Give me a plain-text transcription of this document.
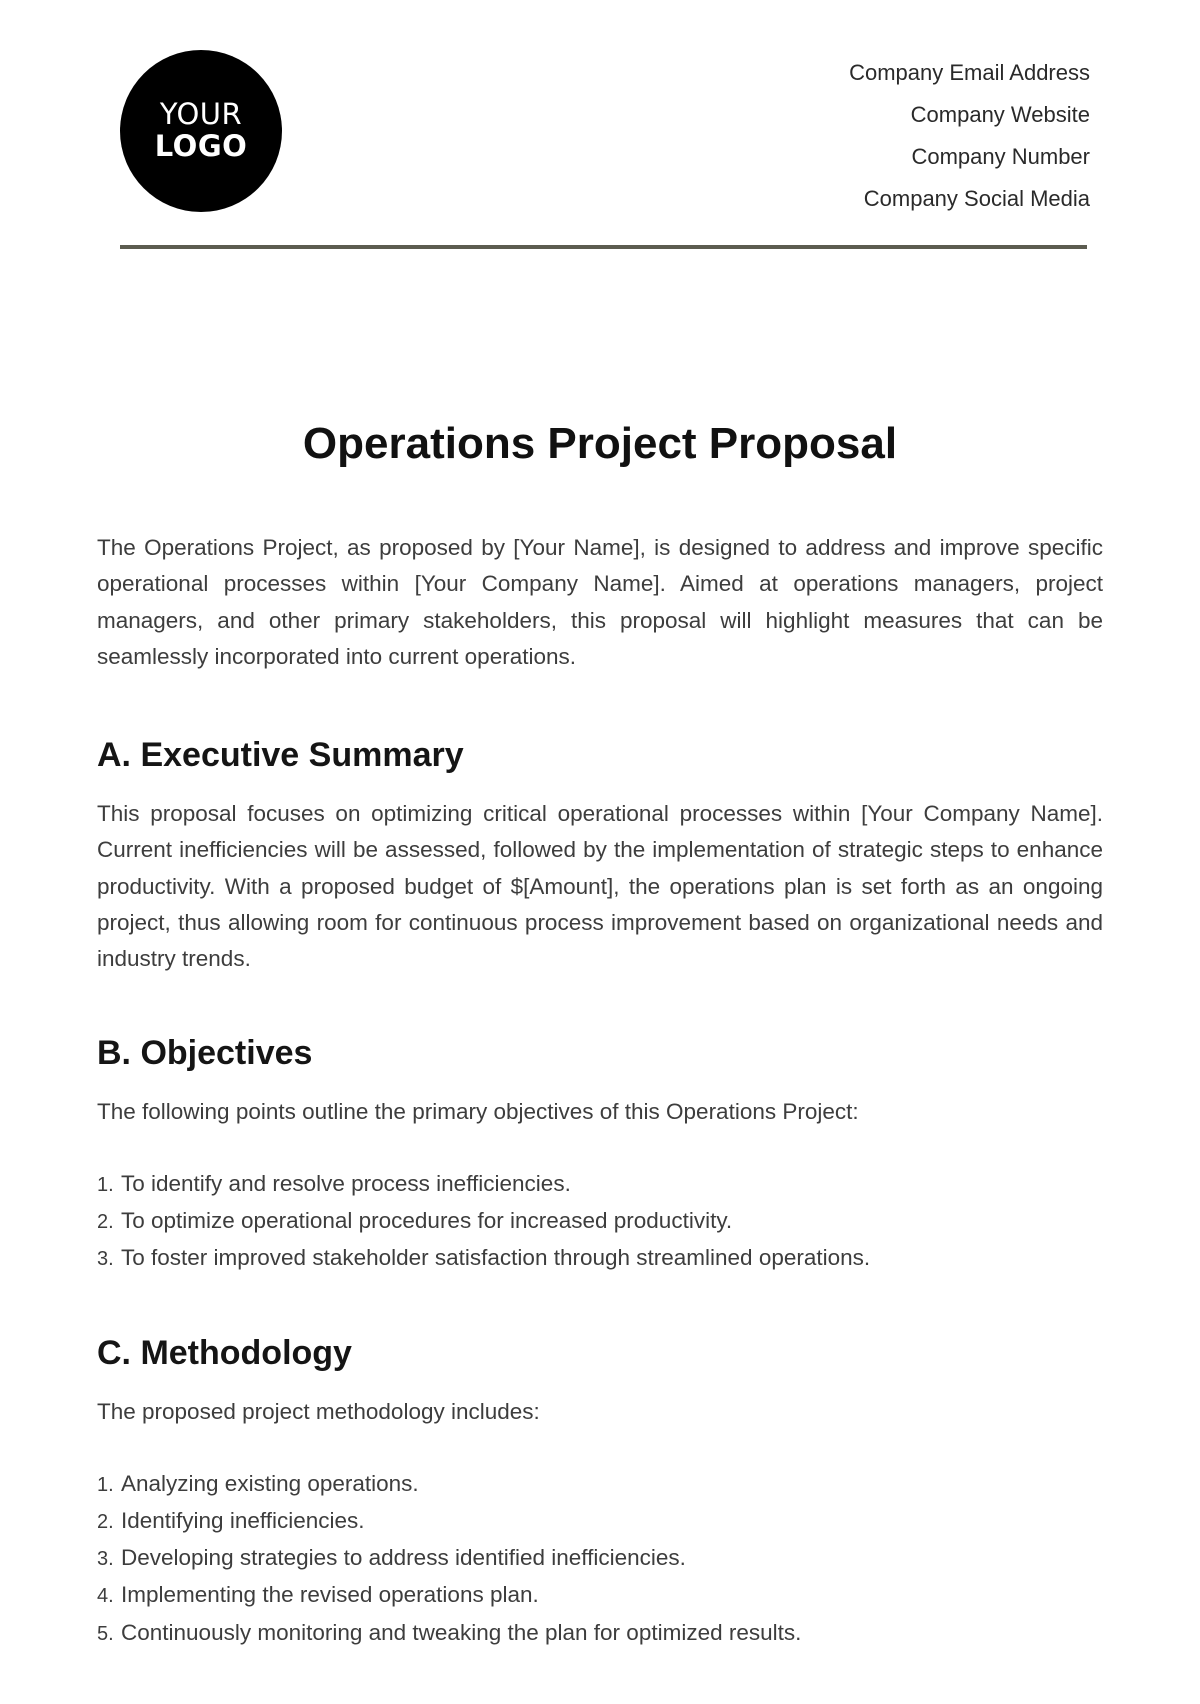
YOUR
LOGO
Company Email Address
Company Website
Company Number
Company Social Media
Operations Project Proposal

The Operations Project, as proposed by [Your Name], is designed to address and improve specific operational processes within [Your Company Name]. Aimed at operations managers, project managers, and other primary stakeholders, this proposal will highlight measures that can be seamlessly incorporated into current operations.

A. Executive Summary

This proposal focuses on optimizing critical operational processes within [Your Company Name]. Current inefficiencies will be assessed, followed by the implementation of strategic steps to enhance productivity. With a proposed budget of $[Amount], the operations plan is set forth as an ongoing project, thus allowing room for continuous process improvement based on organizational needs and industry trends.

B. Objectives

The following points outline the primary objectives of this Operations Project:

1. To identify and resolve process inefficiencies.
2. To optimize operational procedures for increased productivity.
3. To foster improved stakeholder satisfaction through streamlined operations.
C. Methodology

The proposed project methodology includes:

1. Analyzing existing operations.
2. Identifying inefficiencies.
3. Developing strategies to address identified inefficiencies.
4. Implementing the revised operations plan.
5. Continuously monitoring and tweaking the plan for optimized results.
